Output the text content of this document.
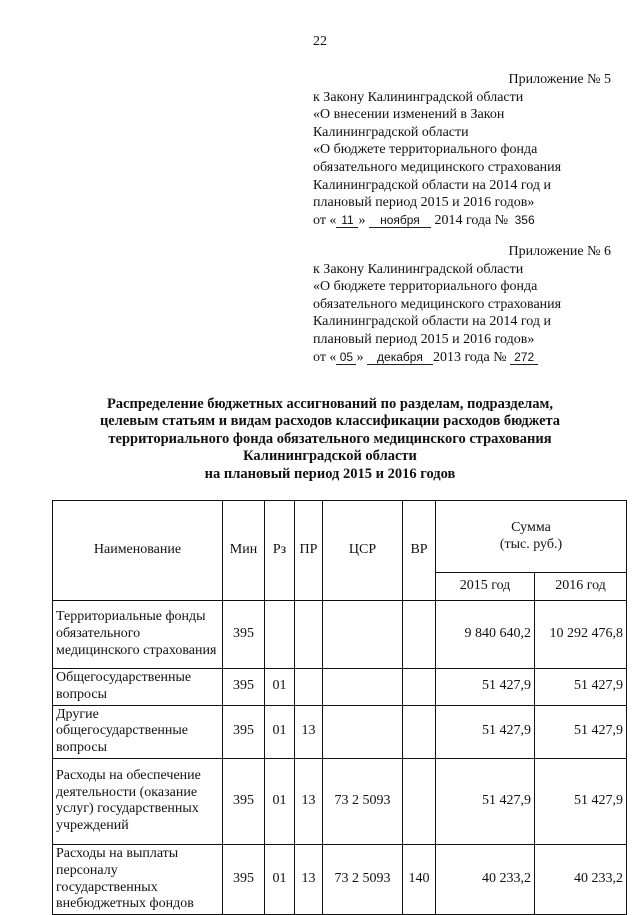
22
Приложение № 5
к Закону Калининградской области
«О внесении изменений в Закон
Калининградской области
«О бюджете территориального фонда
обязательного медицинского страхования
Калининградской области на 2014 год и
плановый период 2015 и 2016 годов»
от « 11 » ноября 2014 года № 356
Приложение № 6
к Закону Калининградской области
«О бюджете территориального фонда
обязательного медицинского страхования
Калининградской области на 2014 год и
плановый период 2015 и 2016 годов»
от « 05 » декабря 2013 года № 272
Распределение бюджетных ассигнований по разделам, подразделам,
целевым статьям и видам расходов классификации расходов бюджета
территориального фонда обязательного медицинского страхования
Калининградской области
на плановый период 2015 и 2016 годов
Наименование	Мин	Рз	ПР	ЦСР	ВР	Сумма
(тыс. руб.)	

						2015 год	2016 год
Территориальные фонды обязательного медицинского страхования	395					9 840 640,2	10 292 476,8
Общегосударственные вопросы	395	01				51 427,9	51 427,9
Другие общегосударственные вопросы	395	01	13			51 427,9	51 427,9
Расходы на обеспечение деятельности (оказание услуг) государственных учреждений	395	01	13	73 2 5093		51 427,9	51 427,9
Расходы на выплаты персоналу государственных внебюджетных фондов	395	01	13	73 2 5093	140	40 233,2	40 233,2
